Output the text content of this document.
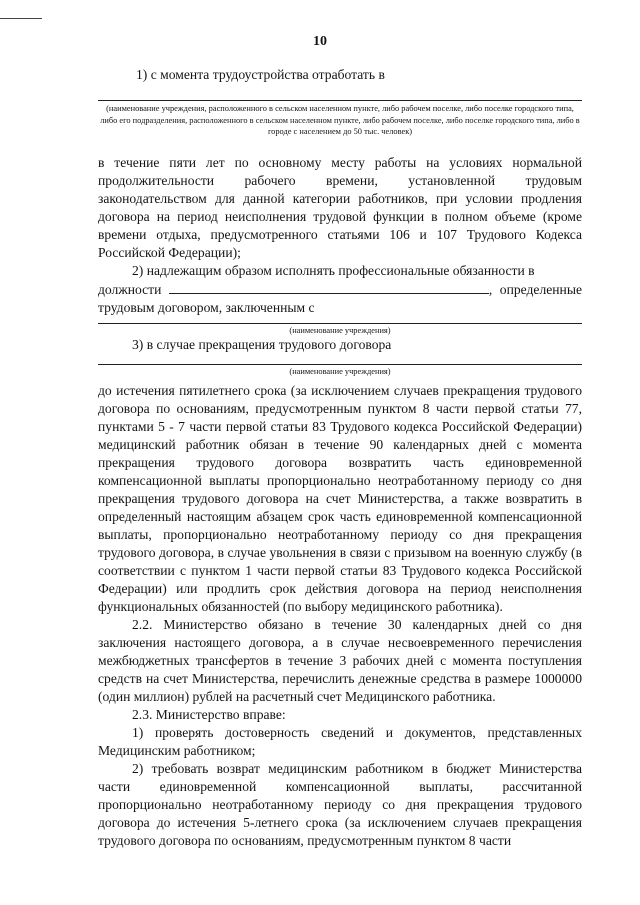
10

1) с момента трудоустройства отработать в

(наименование учреждения, расположенного в сельском населенном пункте, либо рабочем поселке, либо поселке городского типа, либо его подразделения, расположенного в сельском населенном пункте, либо рабочем поселке, либо поселке городского типа, либо в городе с населением до 50 тыс. человек)

в течение пяти лет по основному месту работы на условиях нормальной продолжительности рабочего времени, установленной трудовым законодательством для данной категории работников, при условии продления договора на период неисполнения трудовой функции в полном объеме (кроме времени отдыха, предусмотренного статьями 106 и 107 Трудового Кодекса Российской Федерации);

2) надлежащим образом исполнять профессиональные обязанности в

должности	, определенные

трудовым договором, заключенным с

(наименование учреждения)

3) в случае прекращения трудового договора

(наименование учреждения)

до истечения пятилетнего срока (за исключением случаев прекращения трудового договора по основаниям, предусмотренным пунктом 8 части первой статьи 77, пунктами 5 - 7 части первой статьи 83 Трудового кодекса Российской Федерации) медицинский работник обязан в течение 90 календарных дней с момента прекращения трудового договора возвратить часть единовременной компенсационной выплаты пропорционально неотработанному периоду со дня прекращения трудового договора на счет Министерства, а также возвратить в определенный настоящим абзацем срок часть единовременной компенсационной выплаты, пропорционально неотработанному периоду со дня прекращения трудового договора, в случае увольнения в связи с призывом на военную службу (в соответствии с пунктом 1 части первой статьи 83 Трудового кодекса Российской Федерации) или продлить срок действия договора на период неисполнения функциональных обязанностей (по выбору медицинского работника).

2.2. Министерство обязано в течение 30 календарных дней со дня заключения настоящего договора, а в случае несвоевременного перечисления межбюджетных трансфертов в течение 3 рабочих дней с момента поступления средств на счет Министерства, перечислить денежные средства в размере 1000000 (один миллион) рублей на расчетный счет Медицинского работника.

2.3. Министерство вправе:

1) проверять достоверность сведений и документов, представленных Медицинским работником;

2) требовать возврат медицинским работником в бюджет Министерства части единовременной компенсационной выплаты, рассчитанной пропорционально неотработанному периоду со дня прекращения трудового договора до истечения 5-летнего срока (за исключением случаев прекращения трудового договора по основаниям, предусмотренным пунктом 8 части
